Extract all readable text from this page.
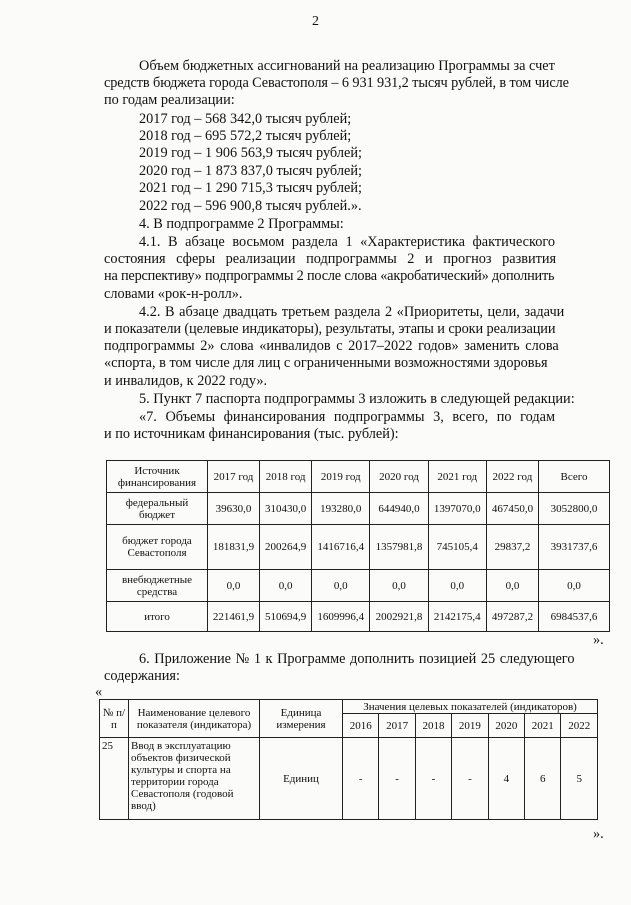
2
Объем бюджетных ассигнований на реализацию Программы за счет
средств бюджета города Севастополя – 6 931 931,2 тысяч рублей, в том числе
по годам реализации:
2017 год – 568 342,0 тысяч рублей;
2018 год – 695 572,2 тысяч рублей;
2019 год – 1 906 563,9 тысяч рублей;
2020 год – 1 873 837,0 тысяч рублей;
2021 год – 1 290 715,3 тысяч рублей;
2022 год – 596 900,8 тысяч рублей.».
4. В подпрограмме 2 Программы:
4.1. В абзаце восьмом раздела 1 «Характеристика фактического
состояния сферы реализации подпрограммы 2 и прогноз развития
на перспективу» подпрограммы 2 после слова «акробатический» дополнить
словами «рок-н-ролл».
4.2. В абзаце двадцать третьем раздела 2 «Приоритеты, цели, задачи
и показатели (целевые индикаторы), результаты, этапы и сроки реализации
подпрограммы 2» слова «инвалидов с 2017–2022 годов» заменить слова
«спорта, в том числе для лиц с ограниченными возможностями здоровья
и инвалидов, к 2022 году».
5. Пункт 7 паспорта подпрограммы 3 изложить в следующей редакции:
«7. Объемы финансирования подпрограммы 3, всего, по годам
и по источникам финансирования (тыс. рублей):
Источник финансирования	2017 год	2018 год	2019 год	2020 год	2021 год	2022 год	Всего
федеральный бюджет	39630,0	310430,0	193280,0	644940,0	1397070,0	467450,0	3052800,0
бюджет города Севастополя	181831,9	200264,9	1416716,4	1357981,8	745105,4	29837,2	3931737,6
внебюджетные средства	0,0	0,0	0,0	0,0	0,0	0,0	0,0
итого	221461,9	510694,9	1609996,4	2002921,8	2142175,4	497287,2	6984537,6
».
6. Приложение № 1 к Программе дополнить позицией 25 следующего
содержания:
«
№ п/п	Наименование целевого показателя (индикатора)	Единица измерения	Значения целевых показателей (индикаторов)						
			2016	2017	2018	2019	2020	2021	2022
25	Ввод в эксплуатацию объектов физической культуры и спорта на территории города Севастополя (годовой ввод)	Единиц	-	-	-	-	4	6	5
».
